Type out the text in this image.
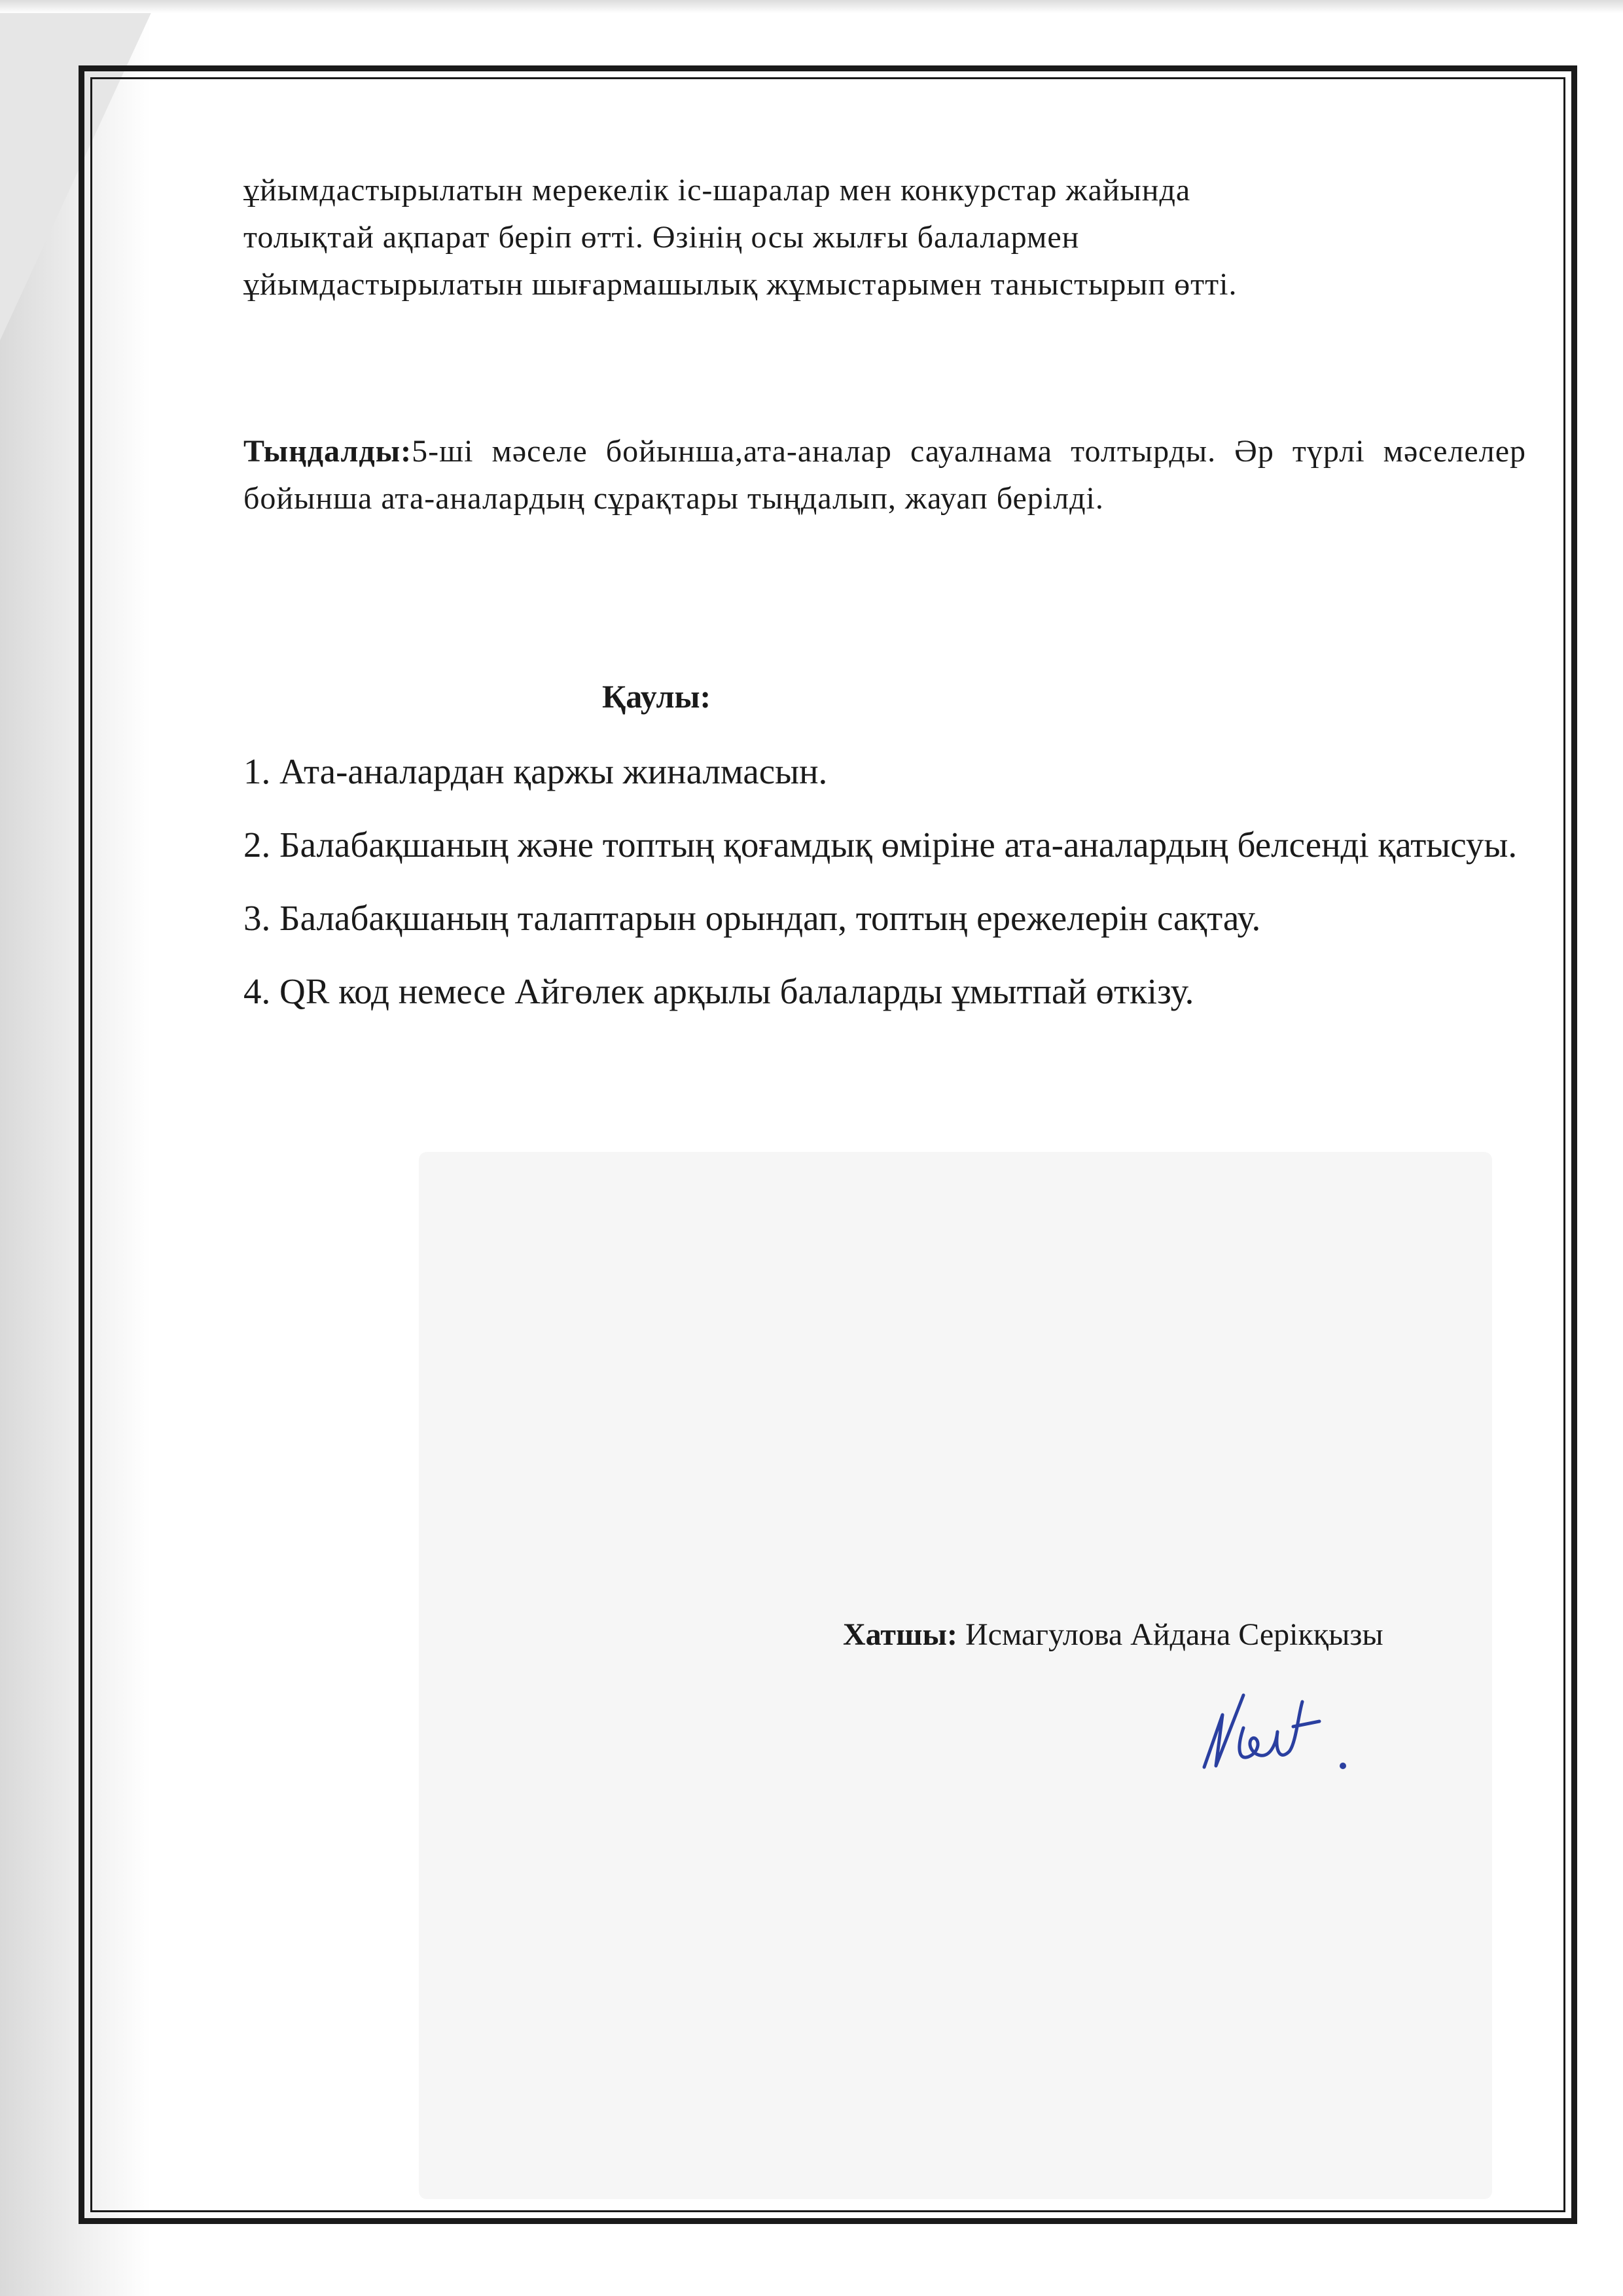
ұйымдастырылатын мерекелік іс-шаралар мен конкурстар жайында
толықтай ақпарат беріп өтті. Өзінің осы жылғы балалармен
ұйымдастырылатын шығармашылық жұмыстарымен таныстырып өтті.
Тыңдалды:5-ші мәселе бойынша,ата-аналар сауалнама толтырды. Әр түрлі мәселелер бойынша ата-аналардың сұрақтары тыңдалып, жауап берілді.
Қаулы:
1. Ата-аналардан қаржы жиналмасын.
2. Балабақшаның және топтың қоғамдық өміріне ата-аналардың белсенді қатысуы.
3. Балабақшаның талаптарын орындап, топтың ережелерін сақтау.
4. QR код немесе Айгөлек арқылы балаларды ұмытпай өткізу.
Хатшы: Исмагулова Айдана Серікқызы
